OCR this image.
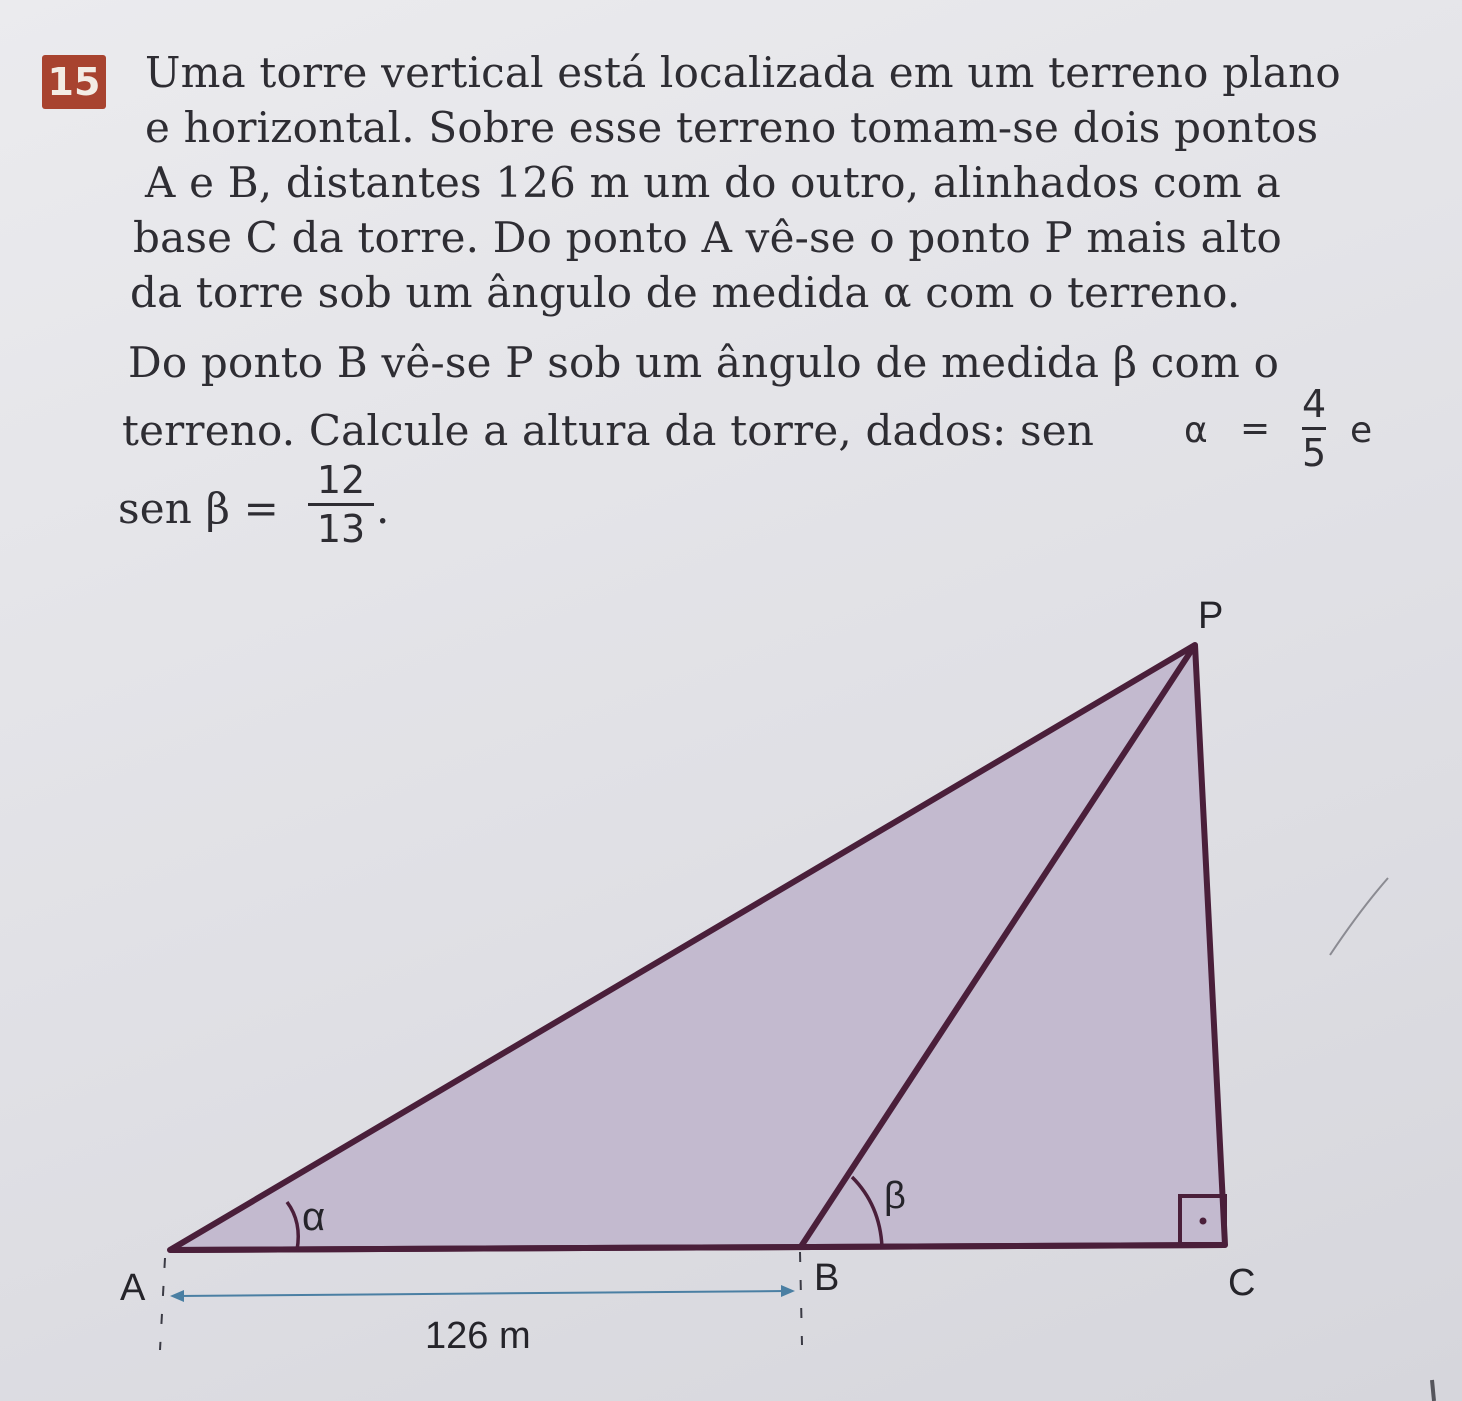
15 Uma torre vertical está localizada em um terreno plano
e horizontal. Sobre esse terreno tomam-se dois pontos
A e B, distantes 126 m um do outro, alinhados com a
base C da torre. Do ponto A vê-se o ponto P mais alto
da torre sob um ângulo de medida α com o terreno.
Do ponto B vê-se P sob um ângulo de medida β com o
terreno. Calcule a altura da torre, dados: sen α =
4
5
e
sen β =
12
13 .
P
A	B	C
α	β
126 m
